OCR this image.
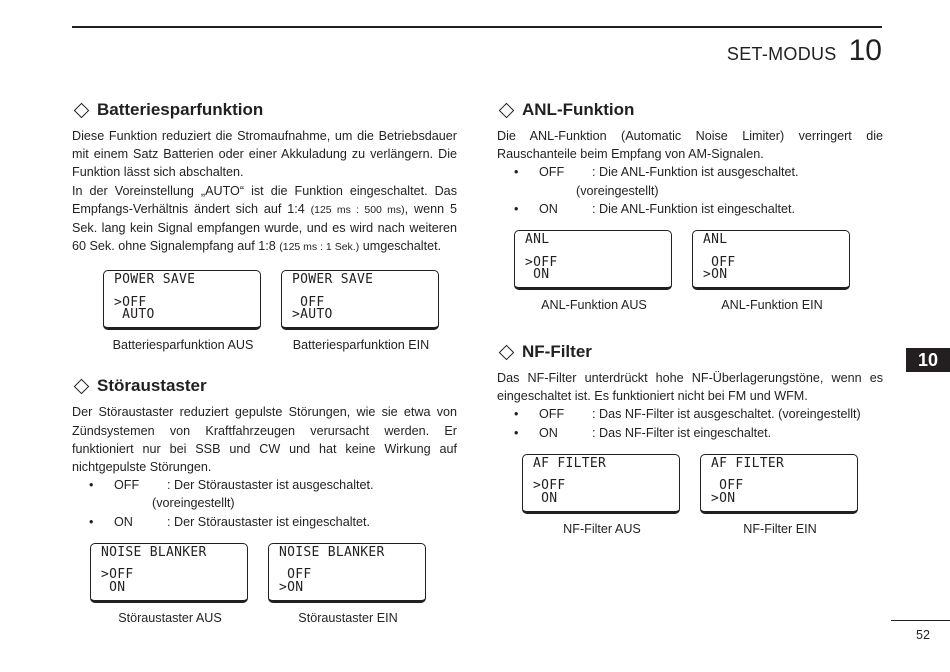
SET-MODUS 10
Batteriesparfunktion

Diese Funktion reduziert die Stromaufnahme, um die Betriebsdauer mit einem Satz Batterien oder einer Akkuladung zu verlängern. Die Funktion lässt sich abschalten.

In der Voreinstellung „AUTO“ ist die Funktion eingeschaltet. Das Empfangs-Verhältnis ändert sich auf 1:4 (125 ms : 500 ms), wenn 5 Sek. lang kein Signal empfangen wurde, und es wird nach weiteren 60 Sek. ohne Signalempfang auf 1:8 (125 ms : 1 Sek.) umgeschaltet.

POWER SAVE
>OFF
AUTO
Batteriesparfunktion AUS
POWER SAVE
OFF
>AUTO
Batteriesparfunktion EIN
Störaustaster

Der Störaustaster reduziert gepulste Störungen, wie sie etwa von Zündsystemen von Kraftfahrzeugen verursacht werden. Er funktioniert nur bei SSB und CW und hat keine Wirkung auf nichtgepulste Störungen.

•	OFF	: Der Störaustaster ist ausgeschaltet.
(voreingestellt)
•	ON	: Der Störaustaster ist eingeschaltet.
NOISE BLANKER
>OFF
ON
Störaustaster AUS
NOISE BLANKER
OFF
>ON
Störaustaster EIN
ANL-Funktion

Die ANL-Funktion (Automatic Noise Limiter) verringert die Rauschanteile beim Empfang von AM-Signalen.

•	OFF	: Die ANL-Funktion ist ausgeschaltet.
(voreingestellt)
•	ON	: Die ANL-Funktion ist eingeschaltet.
ANL
>OFF
ON
ANL-Funktion AUS
ANL
OFF
>ON
ANL-Funktion EIN
NF-Filter

Das NF-Filter unterdrückt hohe NF-Überlagerungstöne, wenn es eingeschaltet ist. Es funktioniert nicht bei FM und WFM.

•	OFF	: Das NF-Filter ist ausgeschaltet. (voreingestellt)
•	ON	: Das NF-Filter ist eingeschaltet.
AF FILTER
>OFF
ON
NF-Filter AUS
AF FILTER
OFF
>ON
NF-Filter EIN
10
52
